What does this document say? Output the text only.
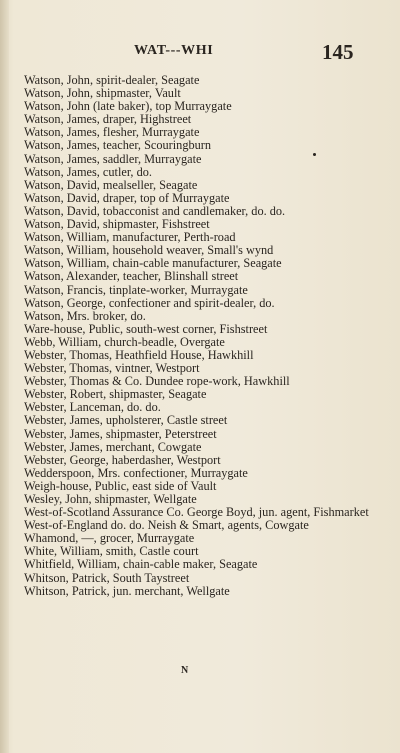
WAT---WHI	145
Watson, John, spirit-dealer, Seagate
Watson, John, shipmaster, Vault
Watson, John (late baker), top Murraygate
Watson, James, draper, Highstreet
Watson, James, flesher, Murraygate
Watson, James, teacher, Scouringburn
Watson, James, saddler, Murraygate
Watson, James, cutler, do.
Watson, David, mealseller, Seagate
Watson, David, draper, top of Murraygate
Watson, David, tobacconist and candlemaker, do. do.
Watson, David, shipmaster, Fishstreet
Watson, William, manufacturer, Perth-road
Watson, William, household weaver, Small's wynd
Watson, William, chain-cable manufacturer, Seagate
Watson, Alexander, teacher, Blinshall street
Watson, Francis, tinplate-worker, Murraygate
Watson, George, confectioner and spirit-dealer, do.
Watson, Mrs. broker, do.
Ware-house, Public, south-west corner, Fishstreet
Webb, William, church-beadle, Overgate
Webster, Thomas, Heathfield House, Hawkhill
Webster, Thomas, vintner, Westport
Webster, Thomas & Co. Dundee rope-work, Hawkhill
Webster, Robert, shipmaster, Seagate
Webster, Lanceman, do. do.
Webster, James, upholsterer, Castle street
Webster, James, shipmaster, Peterstreet
Webster, James, merchant, Cowgate
Webster, George, haberdasher, Westport
Wedderspoon, Mrs. confectioner, Murraygate
Weigh-house, Public, east side of Vault
Wesley, John, shipmaster, Wellgate
West-of-Scotland Assurance Co. George Boyd, jun. agent, Fishmarket
West-of-England do. do. Neish & Smart, agents, Cowgate
Whamond, —, grocer, Murraygate
White, William, smith, Castle court
Whitfield, William, chain-cable maker, Seagate
Whitson, Patrick, South Taystreet
Whitson, Patrick, jun. merchant, Wellgate
N
